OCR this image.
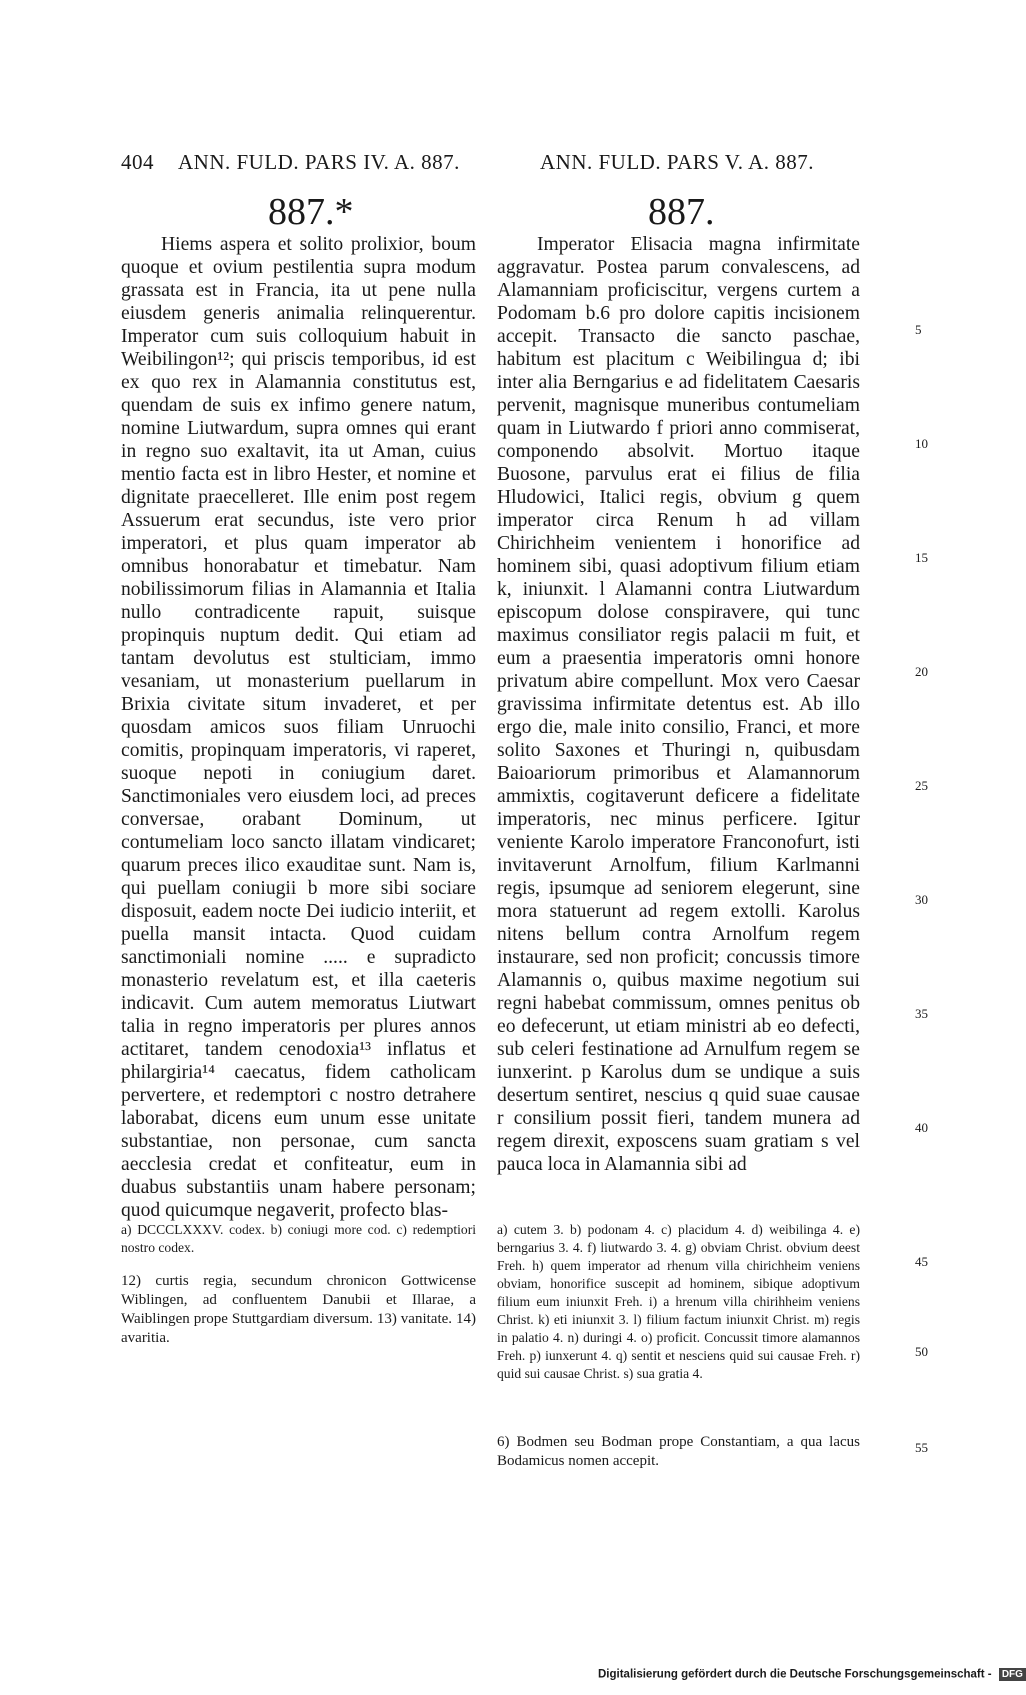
404 ANN. FULD. PARS IV. A. 887.	ANN. FULD. PARS V. A. 887.
887.*	887.

Hiems aspera et solito prolixior, boum quoque et ovium pestilentia supra modum grassata est in Francia, ita ut pene nulla eiusdem generis animalia relinquerentur. Imperator cum suis colloquium habuit in Weibilingon¹²; qui priscis temporibus, id est ex quo rex in Alamannia constitutus est, quendam de suis ex infimo genere natum, nomine Liutwardum, supra omnes qui erant in regno suo exaltavit, ita ut Aman, cuius mentio facta est in libro Hester, et nomine et dignitate praecelleret. Ille enim post regem Assuerum erat secundus, iste vero prior imperatori, et plus quam imperator ab omnibus honorabatur et timebatur. Nam nobilissimorum filias in Alamannia et Italia nullo contradicente rapuit, suisque propinquis nuptum dedit. Qui etiam ad tantam devolutus est stulticiam, immo vesaniam, ut monasterium puellarum in Brixia civitate situm invaderet, et per quosdam amicos suos filiam Unruochi comitis, propinquam imperatoris, vi raperet, suoque nepoti in coniugium daret. Sanctimoniales vero eiusdem loci, ad preces conversae, orabant Dominum, ut contumeliam loco sancto illatam vindicaret; quarum preces ilico exauditae sunt. Nam is, qui puellam coniugii b more sibi sociare disposuit, eadem nocte Dei iudicio interiit, et puella mansit intacta. Quod cuidam sanctimoniali nomine ..... e supradicto monasterio revelatum est, et illa caeteris indicavit. Cum autem memoratus Liutwart talia in regno imperatoris per plures annos actitaret, tandem cenodoxia¹³ inflatus et philargiria¹⁴ caecatus, fidem catholicam pervertere, et redemptori c nostro detrahere laborabat, dicens eum unum esse unitate substantiae, non personae, cum sancta aecclesia credat et confiteatur, eum in duabus substantiis unam habere personam; quod quicumque negaverit, profecto blas-

Imperator Elisacia magna infirmitate aggravatur. Postea parum convalescens, ad Alamanniam proficiscitur, vergens curtem a Podomam b.6 pro dolore capitis incisionem accepit. Transacto die sancto paschae, habitum est placitum c Weibilingua d; ibi inter alia Berngarius e ad fidelitatem Caesaris pervenit, magnisque muneribus contumeliam quam in Liutwardo f priori anno commiserat, componendo absolvit. Mortuo itaque Buosone, parvulus erat ei filius de filia Hludowici, Italici regis, obvium g quem imperator circa Renum h ad villam Chirichheim venientem i honorifice ad hominem sibi, quasi adoptivum filium etiam k, iniunxit. l Alamanni contra Liutwardum episcopum dolose conspiravere, qui tunc maximus consiliator regis palacii m fuit, et eum a praesentia imperatoris omni honore privatum abire compellunt. Mox vero Caesar gravissima infirmitate detentus est. Ab illo ergo die, male inito consilio, Franci, et more solito Saxones et Thuringi n, quibusdam Baioariorum primoribus et Alamannorum ammixtis, cogitaverunt deficere a fidelitate imperatoris, nec minus perficere. Igitur veniente Karolo imperatore Franconofurt, isti invitaverunt Arnolfum, filium Karlmanni regis, ipsumque ad seniorem elegerunt, sine mora statuerunt ad regem extolli. Karolus nitens bellum contra Arnolfum regem instaurare, sed non proficit; concussis timore Alamannis o, quibus maxime negotium sui regni habebat commissum, omnes penitus ob eo defecerunt, ut etiam ministri ab eo defecti, sub celeri festinatione ad Arnulfum regem se iunxerint. p Karolus dum se undique a suis desertum sentiret, nescius q quid suae causae r consilium possit fieri, tandem munera ad regem direxit, exposcens suam gratiam s vel pauca loca in Alamannia sibi ad

a) DCCCLXXXV. codex. b) coniugi more cod. c) redemptiori nostro codex.

12) curtis regia, secundum chronicon Gottwicense Wiblingen, ad confluentem Danubii et Illarae, a Waiblingen prope Stuttgardiam diversum. 13) vanitate. 14) avaritia.

a) cutem 3. b) podonam 4. c) placidum 4. d) weibilinga 4. e) berngarius 3. 4. f) liutwardo 3. 4. g) obviam Christ. obvium deest Freh. h) quem imperator ad rhenum villa chirichheim veniens obviam, honorifice suscepit ad hominem, sibique adoptivum filium eum iniunxit Freh. i) a hrenum villa chirihheim veniens Christ. k) eti iniunxit 3. l) filium factum iniunxit Christ. m) regis in palatio 4. n) duringi 4. o) proficit. Concussit timore alamannos Freh. p) iunxerunt 4. q) sentit et nesciens quid sui causae Freh. r) quid sui causae Christ. s) sua gratia 4.

6) Bodmen seu Bodman prope Constantiam, a qua lacus Bodamicus nomen accepit.

5
10
15
20
25
30
35
40
45
50
55
Digitalisierung gefördert durch die Deutsche Forschungsgemeinschaft - DFG
